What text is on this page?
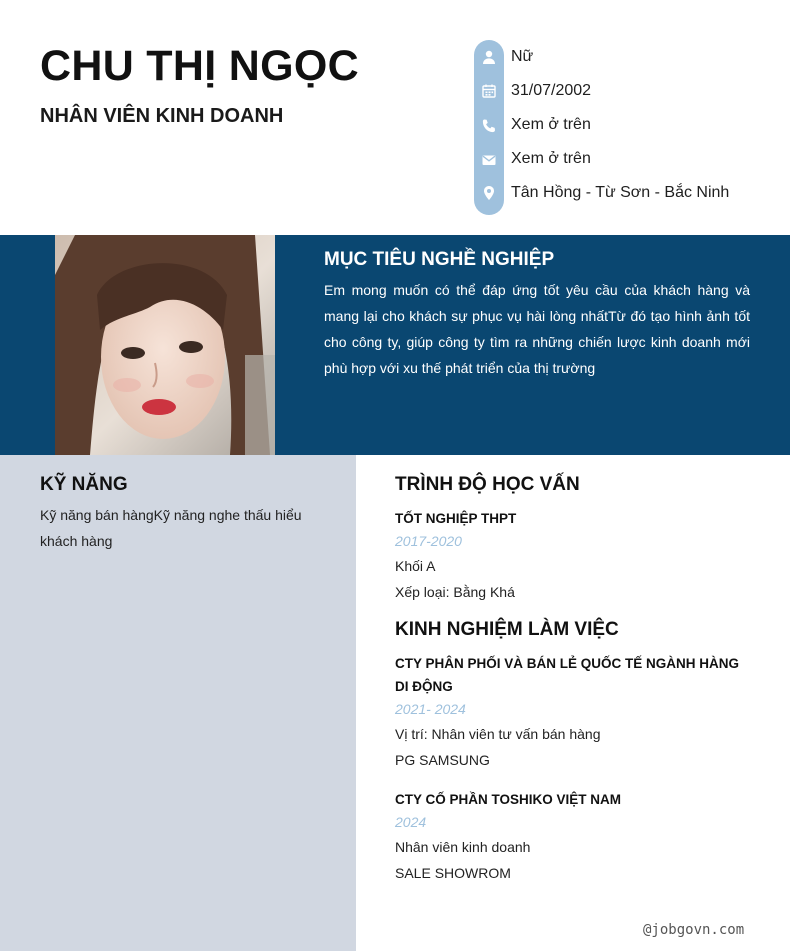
CHU THỊ NGỌC
NHÂN VIÊN KINH DOANH
Nữ
31/07/2002
Xem ở trên
Xem ở trên
Tân Hồng - Từ Sơn - Bắc Ninh
MỤC TIÊU NGHỀ NGHIỆP

Em mong muốn có thể đáp ứng tốt yêu cầu của khách hàng và mang lại cho khách sự phục vụ hài lòng nhấtTừ đó tạo hình ảnh tốt cho công ty, giúp công ty tìm ra những chiến lược kinh doanh mới phù hợp với xu thế phát triển của thị trường

KỸ NĂNG

Kỹ năng bán hàngKỹ năng nghe thấu hiểu khách hàng

TRÌNH ĐỘ HỌC VẤN

TỐT NGHIỆP THPT

2017-2020

Khối A

Xếp loại: Bằng Khá

KINH NGHIỆM LÀM VIỆC

CTY PHÂN PHỐI VÀ BÁN LẺ QUỐC TẾ NGÀNH HÀNG DI ĐỘNG

2021- 2024

Vị trí: Nhân viên tư vấn bán hàng

PG SAMSUNG

CTY CỐ PHẦN TOSHIKO VIỆT NAM

2024

Nhân viên kinh doanh

SALE SHOWROM

@jobgovn.com
